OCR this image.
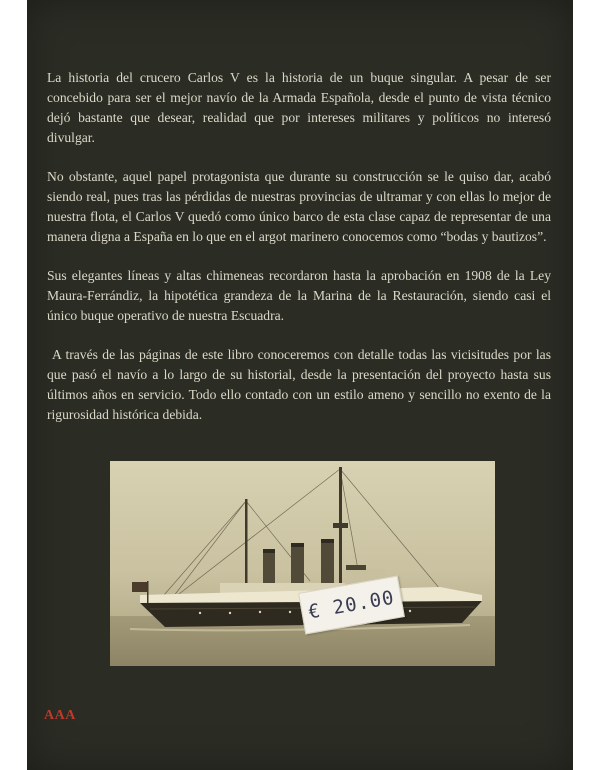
La historia del crucero Carlos V es la historia de un buque singular. A pesar de ser concebido para ser el mejor navío de la Armada Española, desde el punto de vista técnico dejó bastante que desear, realidad que por intereses militares y políticos no interesó divulgar.

No obstante, aquel papel protagonista que durante su construcción se le quiso dar, acabó siendo real, pues tras las pérdidas de nuestras provincias de ultramar y con ellas lo mejor de nuestra flota, el Carlos V quedó como único barco de esta clase capaz de representar de una manera digna a España en lo que en el argot marinero conocemos como “bodas y bautizos”.

Sus elegantes líneas y altas chimeneas recordaron hasta la aprobación en 1908 de la Ley Maura-Ferrándiz, la hipotética grandeza de la Marina de la Restauración, siendo casi el único buque operativo de nuestra Escuadra.

A través de las páginas de este libro conoceremos con detalle todas las vicisitudes por las que pasó el navío a lo largo de su historial, desde la presentación del proyecto hasta sus últimos años en servicio. Todo ello contado con un estilo ameno y sencillo no exento de la rigurosidad histórica debida.

€ 20.00
AAA
